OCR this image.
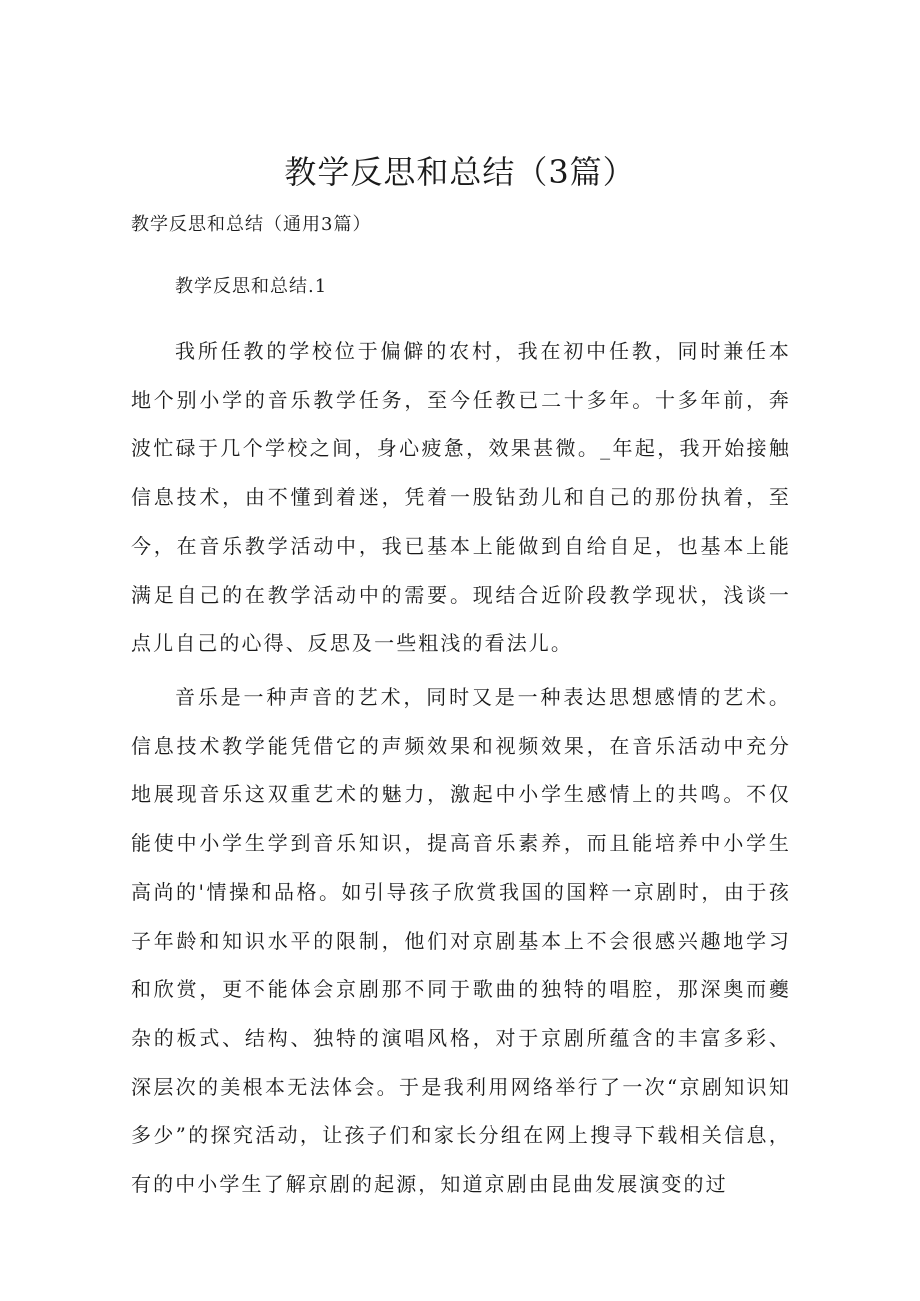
教学反思和总结（3篇）

教学反思和总结（通用3篇）

教学反思和总结.1

我所任教的学校位于偏僻的农村，我在初中任教，同时兼任本地个别小学的音乐教学任务，至今任教已二十多年。十多年前，奔波忙碌于几个学校之间，身心疲惫，效果甚微。_年起，我开始接触信息技术，由不懂到着迷，凭着一股钻劲儿和自己的那份执着，至今，在音乐教学活动中，我已基本上能做到自给自足，也基本上能满足自己的在教学活动中的需要。现结合近阶段教学现状，浅谈一点儿自己的心得、反思及一些粗浅的看法儿。

音乐是一种声音的艺术，同时又是一种表达思想感情的艺术。信息技术教学能凭借它的声频效果和视频效果，在音乐活动中充分地展现音乐这双重艺术的魅力，激起中小学生感情上的共鸣。不仅能使中小学生学到音乐知识，提高音乐素养，而且能培养中小学生高尚的'情操和品格。如引导孩子欣赏我国的国粹一京剧时，由于孩子年龄和知识水平的限制，他们对京剧基本上不会很感兴趣地学习和欣赏，更不能体会京剧那不同于歌曲的独特的唱腔，那深奥而夔杂的板式、结构、独特的演唱风格，对于京剧所蕴含的丰富多彩、深层次的美根本无法体会。于是我利用网络举行了一次“京剧知识知多少”的探究活动，让孩子们和家长分组在网上搜寻下载相关信息，有的中小学生了解京剧的起源，知道京剧由昆曲发展演变的过
